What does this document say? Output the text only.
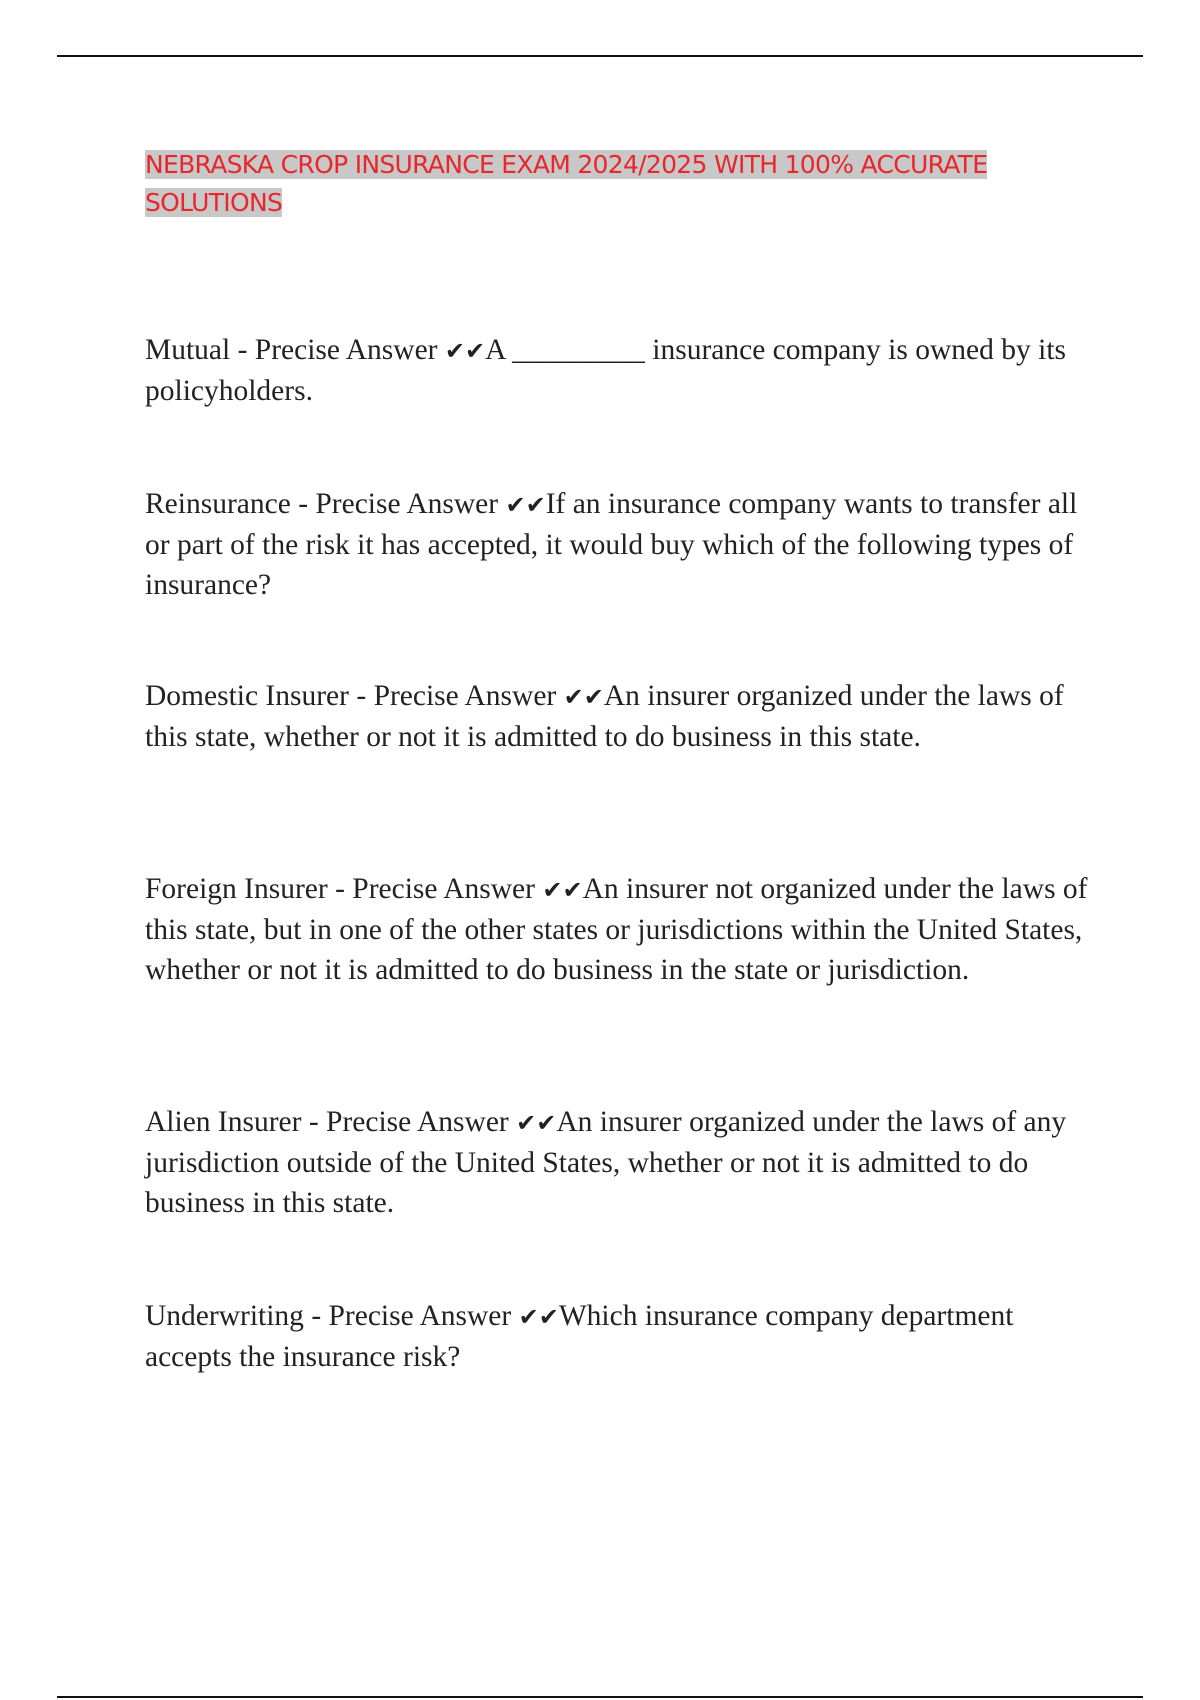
NEBRASKA CROP INSURANCE EXAM 2024/2025 WITH 100% ACCURATE SOLUTIONS

Mutual - Precise Answer ✔✔A _________ insurance company is owned by its policyholders.

Reinsurance - Precise Answer ✔✔If an insurance company wants to transfer all or part of the risk it has accepted, it would buy which of the following types of insurance?

Domestic Insurer - Precise Answer ✔✔An insurer organized under the laws of this state, whether or not it is admitted to do business in this state.

Foreign Insurer - Precise Answer ✔✔An insurer not organized under the laws of this state, but in one of the other states or jurisdictions within the United States, whether or not it is admitted to do business in the state or jurisdiction.

Alien Insurer - Precise Answer ✔✔An insurer organized under the laws of any jurisdiction outside of the United States, whether or not it is admitted to do business in this state.

Underwriting - Precise Answer ✔✔Which insurance company department accepts the insurance risk?
